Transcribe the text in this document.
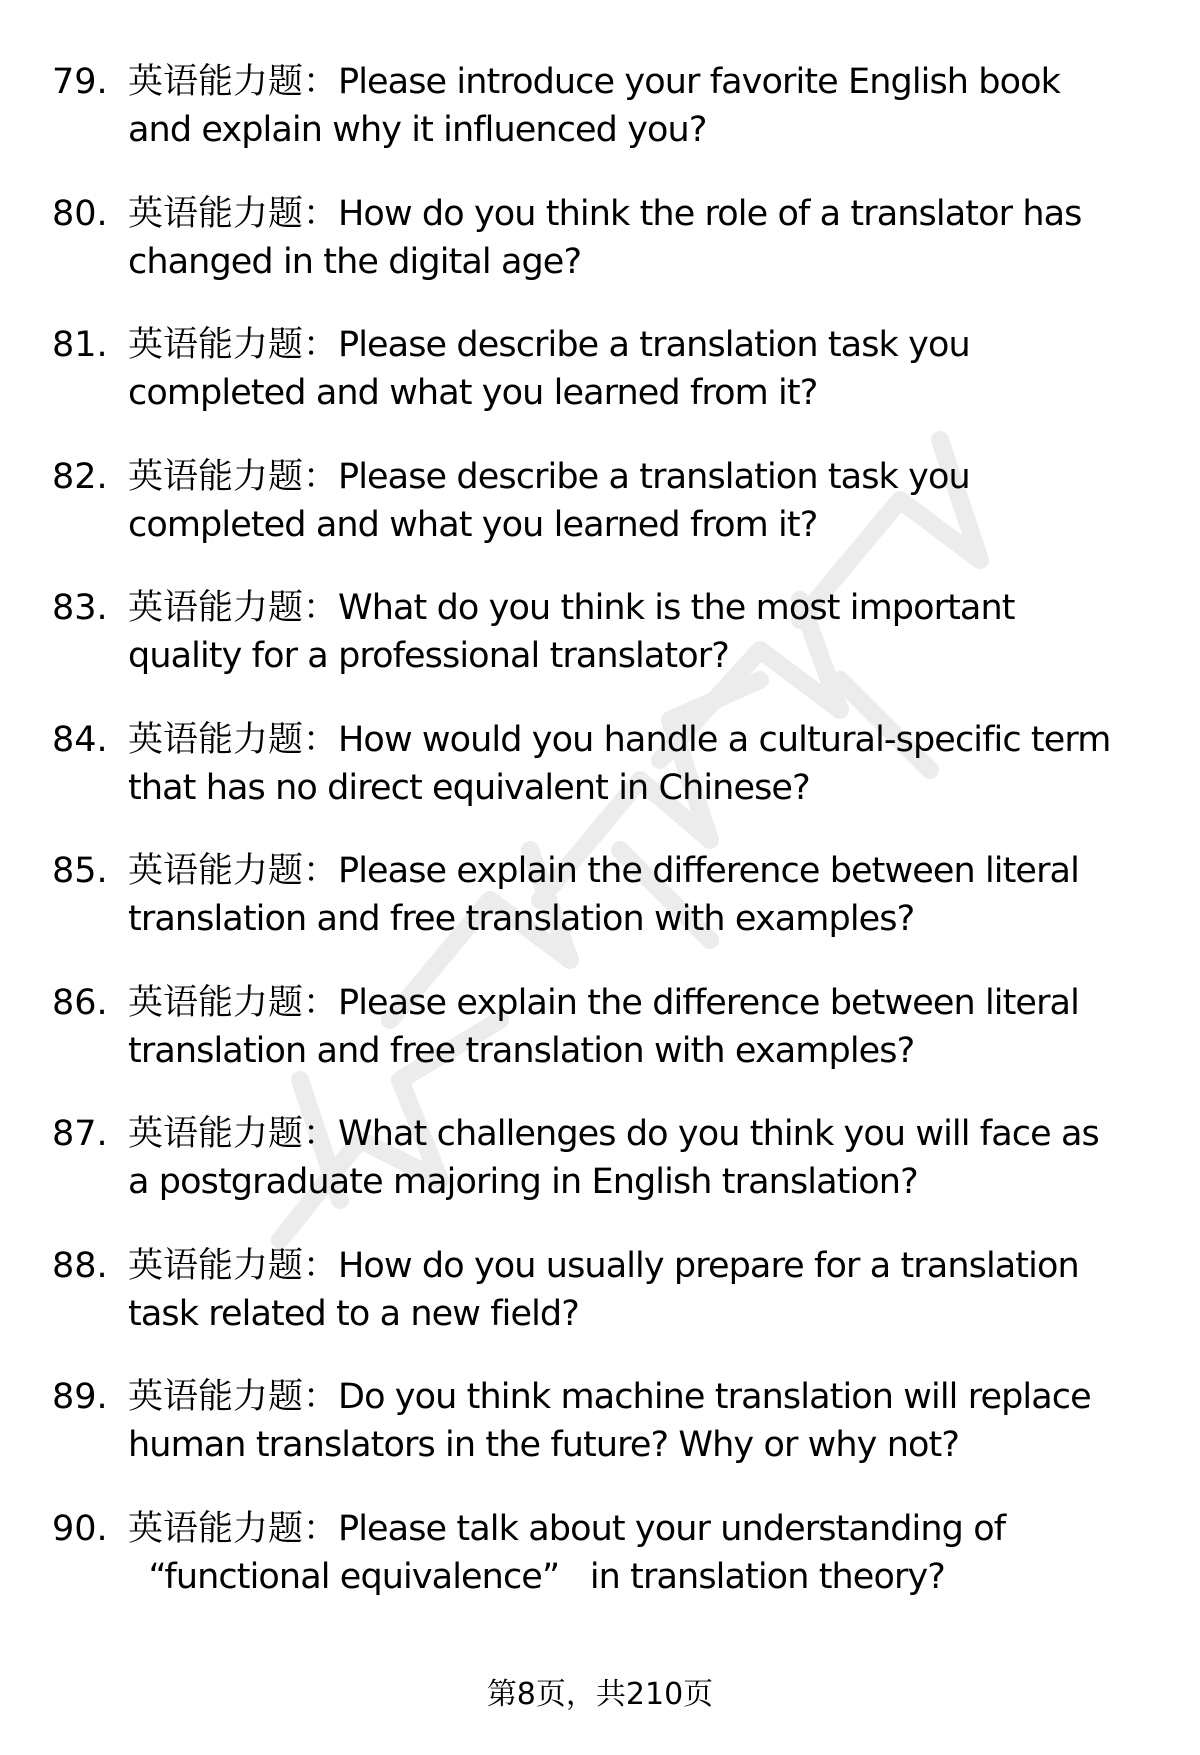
79. 英语能力题：Please introduce your favorite English book
and explain why it influenced you?
80. 英语能力题：How do you think the role of a translator has
changed in the digital age?
81. 英语能力题：Please describe a translation task you
completed and what you learned from it?
82. 英语能力题：Please describe a translation task you
completed and what you learned from it?
83. 英语能力题：What do you think is the most important
quality for a professional translator?
84. 英语能力题：How would you handle a cultural-specific term
that has no direct equivalent in Chinese?
85. 英语能力题：Please explain the difference between literal
translation and free translation with examples?
86. 英语能力题：Please explain the difference between literal
translation and free translation with examples?
87. 英语能力题：What challenges do you think you will face as
a postgraduate majoring in English translation?
88. 英语能力题：How do you usually prepare for a translation
task related to a new field?
89. 英语能力题：Do you think machine translation will replace
human translators in the future? Why or why not?
90. 英语能力题：Please talk about your understanding of
“functional equivalence”   in translation theory?
第8页，共210页
